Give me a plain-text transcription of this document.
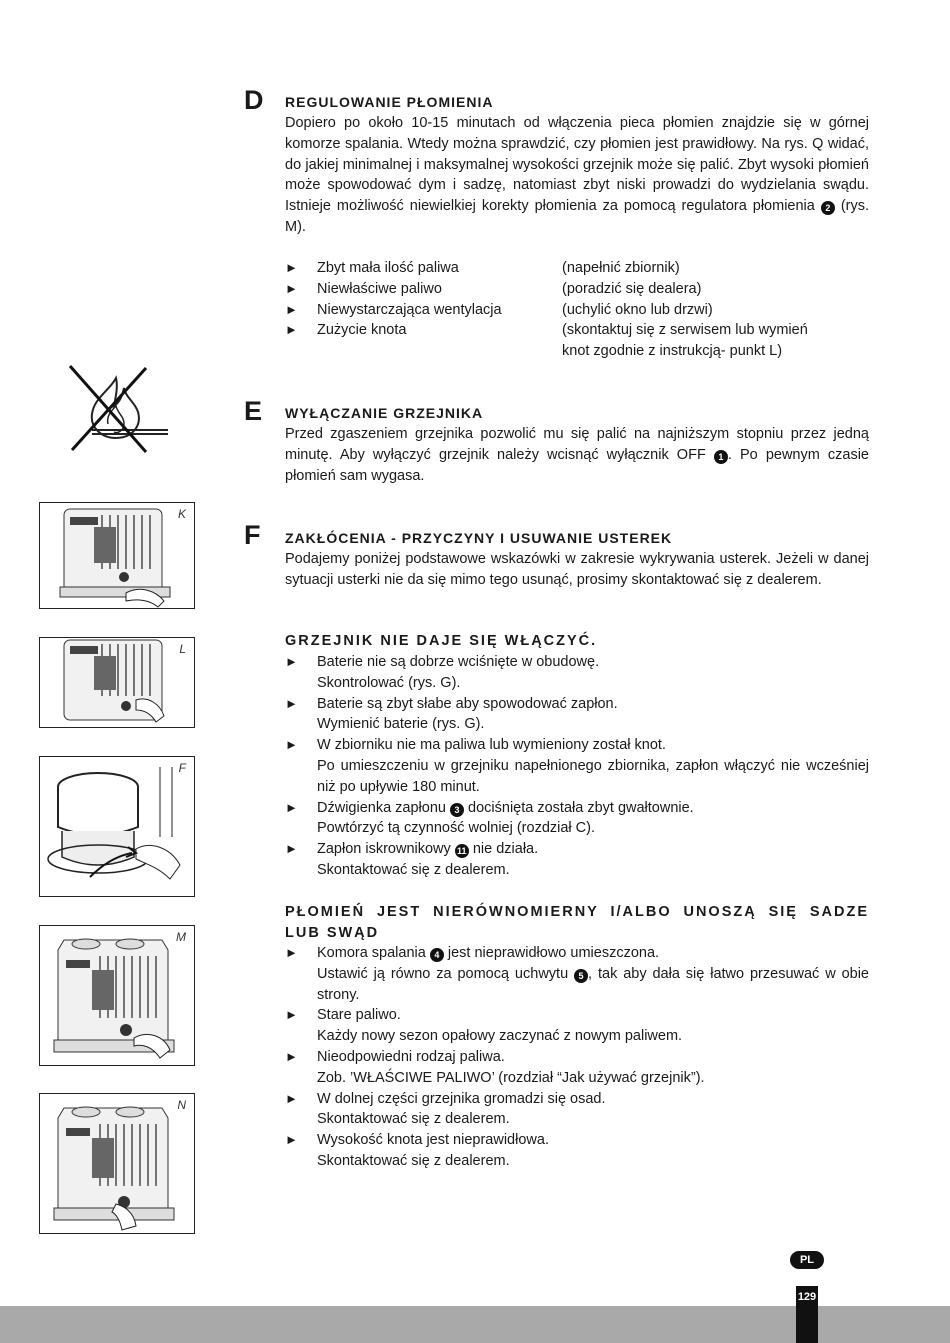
D REGULOWANIE PŁOMIENIA
Dopiero po około 10-15 minutach od włączenia pieca płomien znajdzie się w górnej komorze spalania. Wtedy można sprawdzić, czy płomien jest prawidłowy. Na rys. Q widać, do jakiej minimalnej i maksymalnej wysokości grzejnik może się palić. Zbyt wysoki płomień może spowodować dym i sadzę, natomiast zbyt niski prowadzi do wydzielania swądu. Istnieje możliwość niewielkiej korekty płomienia za pomocą regulatora płomienia 2 (rys. M).
► Zbyt mała ilość paliwa	(napełnić zbiornik)
► Niewłaściwe paliwo	(poradzić się dealera)
► Niewystarczająca wentylacja	(uchylić okno lub drzwi)
► Zużycie knota	(skontaktuj się z serwisem lub wymień
knot zgodnie z instrukcją- punkt L)
E WYŁĄCZANIE GRZEJNIKA
Przed zgaszeniem grzejnika pozwolić mu się palić na najniższym stopniu przez jedną minutę. Aby wyłączyć grzejnik należy wcisnąć wyłącznik OFF 1 . Po pewnym czasie płomień sam wygasa.
F ZAKŁÓCENIA - PRZYCZYNY I USUWANIE USTEREK
Podajemy poniżej podstawowe wskazówki w zakresie wykrywania usterek. Jeżeli w danej sytuacji usterki nie da się mimo tego usunąć, prosimy skontaktować się z dealerem.
GRZEJNIK NIE DAJE SIĘ WŁĄCZYĆ.
► Baterie nie są dobrze wciśnięte w obudowę.
Skontrolować (rys. G).
► Baterie są zbyt słabe aby spowodować zapłon.
Wymienić baterie (rys. G).
► W zbiorniku nie ma paliwa lub wymieniony został knot.
Po umieszczeniu w grzejniku napełnionego zbiornika, zapłon włączyć nie wcześniej niż po upływie 180 minut.
► Dźwigienka zapłonu 3 dociśnięta została zbyt gwałtownie.
Powtórzyć tą czynność wolniej (rozdział C).
► Zapłon iskrownikowy 11 nie działa.
Skontaktować się z dealerem.
PŁOMIEŃ JEST NIERÓWNOMIERNY I/ALBO UNOSZĄ SIĘ SADZE LUB SWĄD
► Komora spalania 4 jest nieprawidłowo umieszczona.
Ustawić ją równo za pomocą uchwytu 5 , tak aby dała się łatwo przesuwać w obie strony.
► Stare paliwo.
Każdy nowy sezon opałowy zaczynać z nowym paliwem.
► Nieodpowiedni rodzaj paliwa.
Zob. ’WŁAŚCIWE PALIWO’ (rozdział “Jak używać grzejnik”).
► W dolnej części grzejnika gromadzi się osad.
Skontaktować się z dealerem.
► Wysokość knota jest nieprawidłowa.
Skontaktować się z dealerem.
K
L
F
M
N
PL
129
